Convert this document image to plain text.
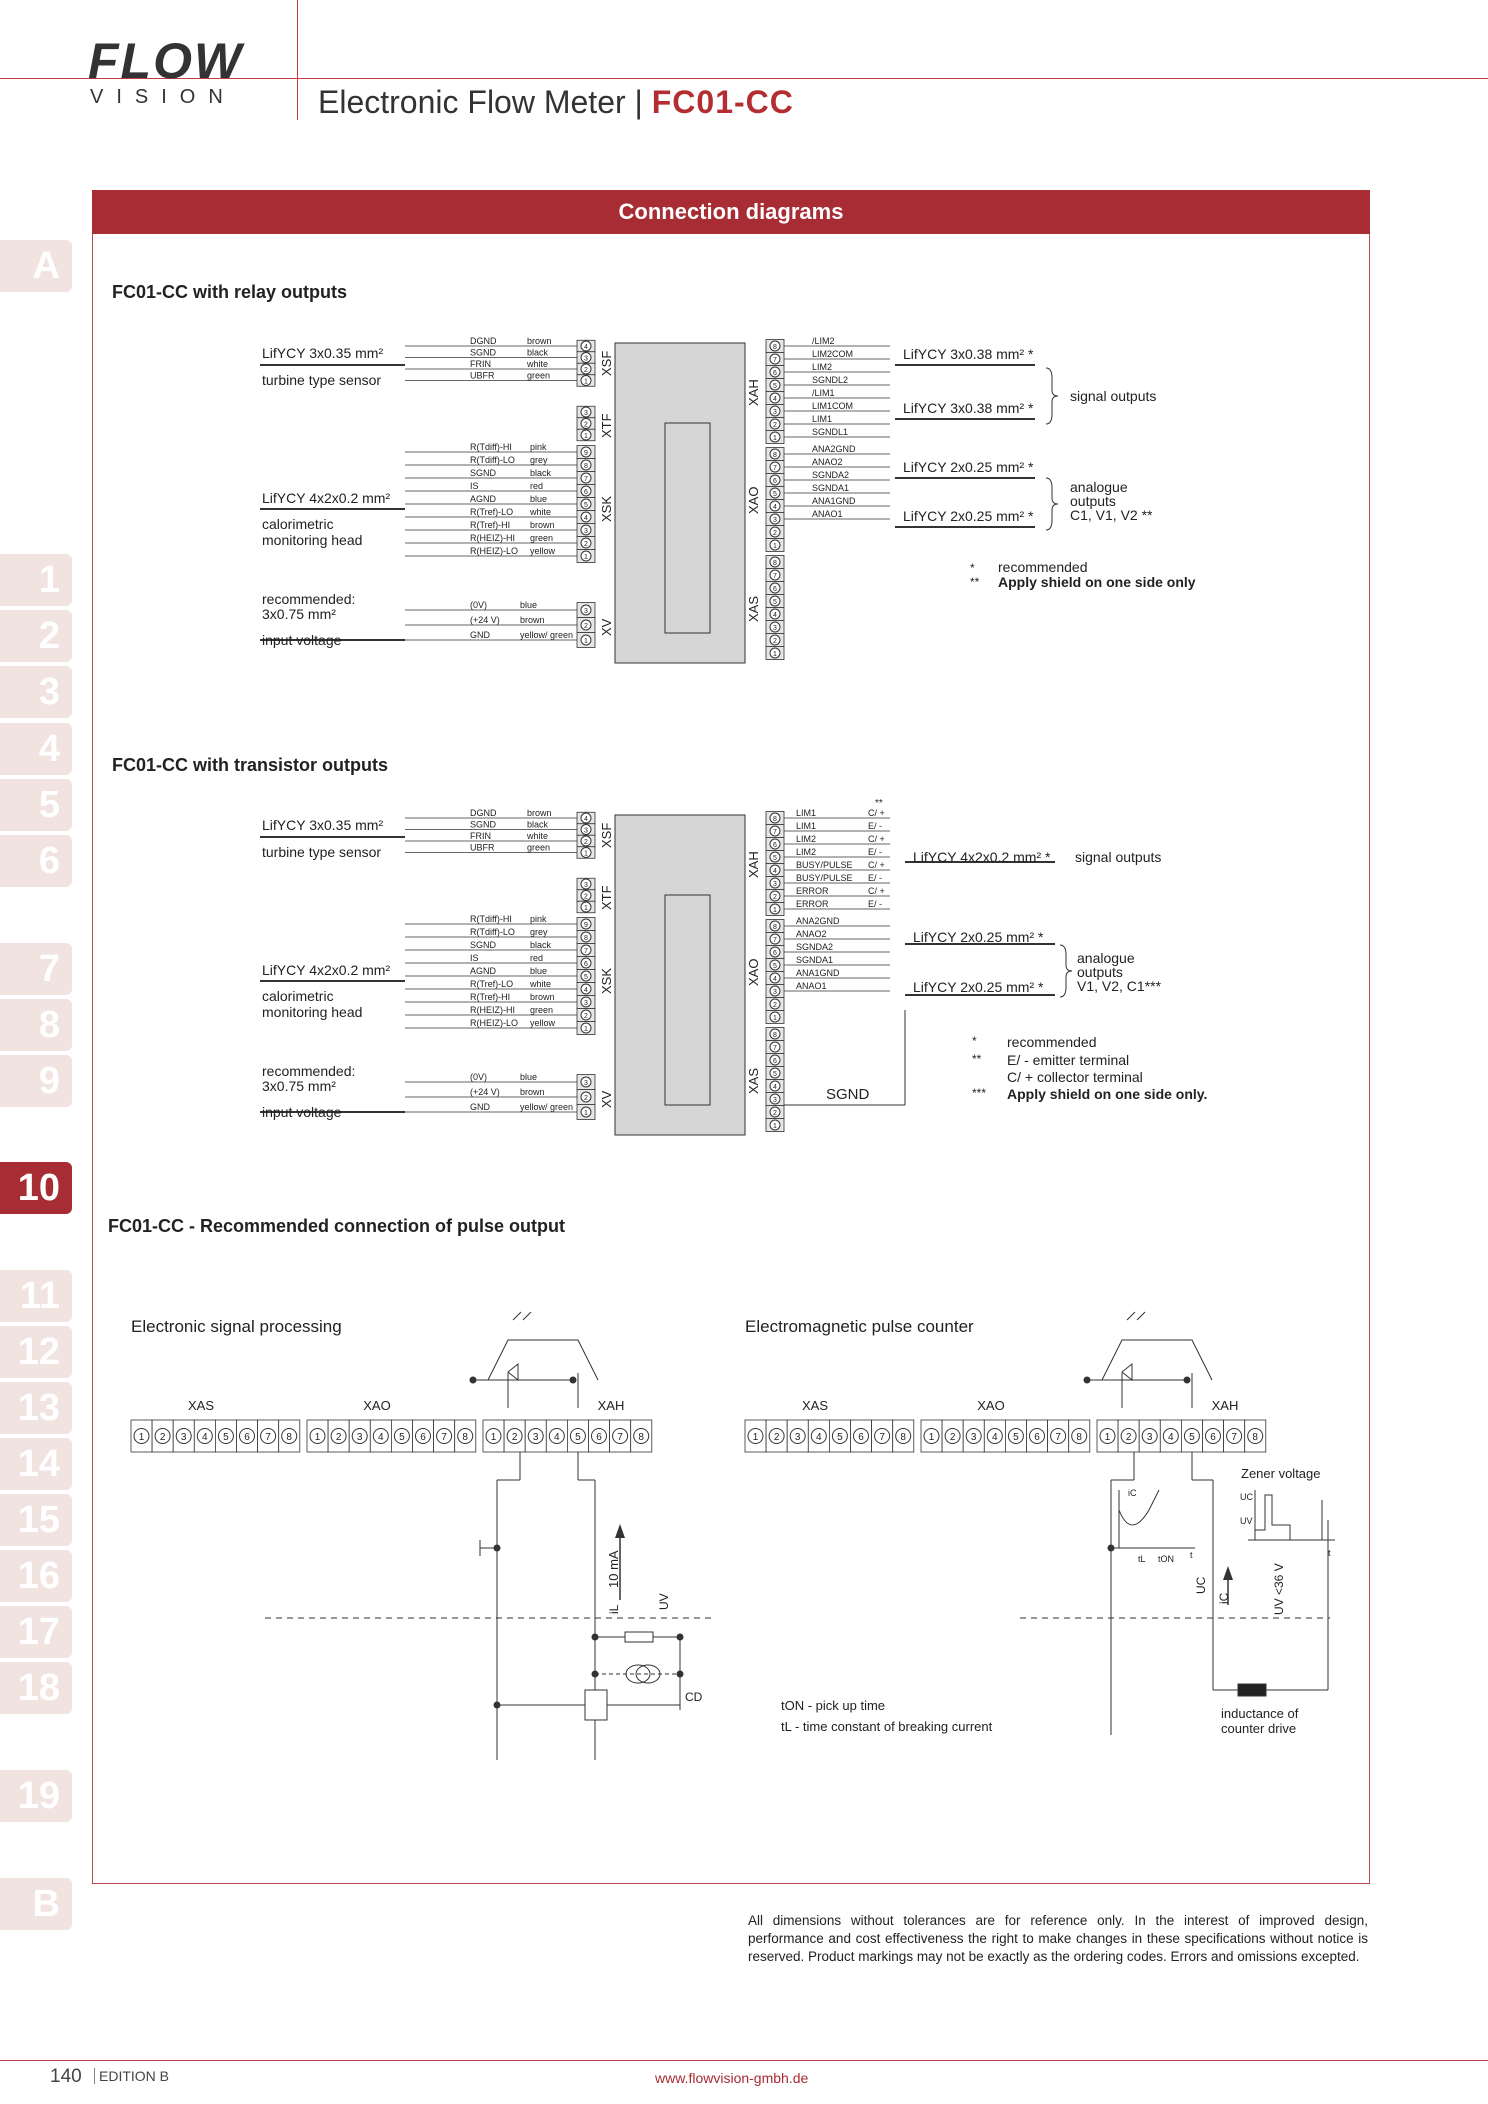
FLOW
VISION	Electronic Flow Meter | FC01-CC
A
1
2
3
4
5
6
7
8
9
10
11
12
13
14
15
16
17
18
19
B
Connection diagrams
FC01-CC with relay outputs
FC01-CC with transistor outputs
FC01-CC - Recommended connection of pulse output
4
3
2
1
XSF
DGND	brown
SGND	black
FRIN	white
UBFR	green
LifYCY 3x0.35 mm²
turbine type sensor
3
2
1 XTF
9
8
7
6
5
4
3
2
1
XSK
R(Tdiff)-HI pink
R(Tdiff)-LO grey
SGND	black
IS	red
AGND	blue
R(Tref)-LO white
R(Tref)-HI brown
R(HEIZ)-HI green
R(HEIZ)-LO yellow
LifYCY 4x2x0.2 mm²
calorimetric
monitoring head
3
2
1
XV
(0V)	blue
(+24 V) brown
GND	yellow/ green
recommended:
3x0.75 mm²
input voltage
8
7
6
5
4
3
2
1
XAH
/LIM2
LIM2COM
LIM2
SGNDL2
/LIM1
LIM1COM
LIM1
SGNDL1
8
7
6
5
4
3
2
1
XAO
ANA2GND
ANAO2
SGNDA2
SGNDA1
ANA1GND
ANAO1
8
7
6
5
4
3
2
1
XAS
LifYCY 3x0.38 mm² *
LifYCY 3x0.38 mm² *
LifYCY 2x0.25 mm² *
LifYCY 2x0.25 mm² *
signal outputs
analogue
outputs
C1, V1, V2 **
* recommended
** Apply shield on one side only
4
3
2
1
XSF
DGND	brown
SGND	black
FRIN	white
UBFR	green
LifYCY 3x0.35 mm²
turbine type sensor
3
2
1 XTF
9
8
7
6
5
4
3
2
1
XSK
R(Tdiff)-HI pink
R(Tdiff)-LO grey
SGND	black
IS	red
AGND	blue
R(Tref)-LO white
R(Tref)-HI brown
R(HEIZ)-HI green
R(HEIZ)-LO yellow
LifYCY 4x2x0.2 mm²
calorimetric
monitoring head
3
2
1
XV
(0V)	blue
(+24 V) brown
GND	yellow/ green
recommended:
3x0.75 mm²
input voltage
8
7
6
5
4
3
2
1
XAH
LIM1	C/ +
LIM1	E/ -
LIM2	C/ +
LIM2	E/ -
BUSY/PULSE C/ +
BUSY/PULSE E/ -
ERROR	C/ +
ERROR	E/ -
8
7
6
5
4
3
2
1
XAO
ANA2GND
ANAO2
SGNDA2
SGNDA1
ANA1GND
ANAO1
8
7
6
5
4
3
2
1
XAS
**
LifYCY 4x2x0.2 mm² * signal outputs
LifYCY 2x0.25 mm² *
LifYCY 2x0.25 mm² *
analogue
outputs
V1, V2, C1***
SGND
* recommended
** E/ - emitter terminal
C/ + collector terminal
*** Apply shield on one side only.
Electronic signal processing	Electromagnetic pulse counter
1 2 3 4 5 6 7 8
XAS
1 2 3 4 5 6 7 8
XAO
1 2 3 4 5 6 7 8
XAH
1 2 3 4 5 6 7 8
XAS
1 2 3 4 5 6 7 8
XAO
1 2 3 4 5 6 7 8
XAH
10 mA
iL	UV
CD
iC
tL tON t
UC
UV
t
Zener voltage
UC
iC	UV <36 V
inductance of
counter drive
tON - pick up time
tL - time constant of breaking current
All dimensions without tolerances are for reference only. In the interest of improved design, performance and cost effectiveness the right to make changes in these specifications without notice is reserved. Product markings may not be exactly as the ordering codes. Errors and omissions excepted.
140	EDITION B	www.flowvision-gmbh.de
